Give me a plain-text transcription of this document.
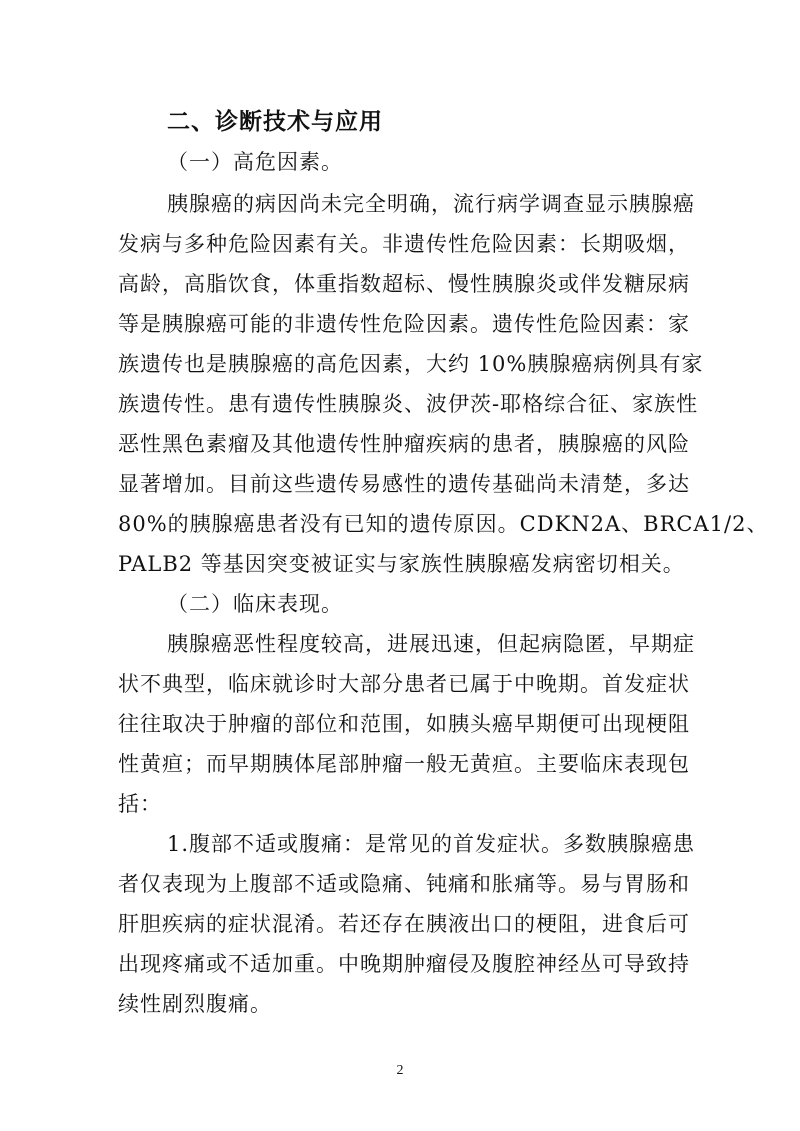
二、诊断技术与应用
（一）高危因素。
胰腺癌的病因尚未完全明确，流行病学调查显示胰腺癌
发病与多种危险因素有关。非遗传性危险因素：长期吸烟，
高龄，高脂饮食，体重指数超标、慢性胰腺炎或伴发糖尿病
等是胰腺癌可能的非遗传性危险因素。遗传性危险因素：家
族遗传也是胰腺癌的高危因素，大约 10%胰腺癌病例具有家
族遗传性。患有遗传性胰腺炎、波伊茨-耶格综合征、家族性
恶性黑色素瘤及其他遗传性肿瘤疾病的患者，胰腺癌的风险
显著增加。目前这些遗传易感性的遗传基础尚未清楚，多达
80%的胰腺癌患者没有已知的遗传原因。CDKN2A、BRCA1/2、
PALB2 等基因突变被证实与家族性胰腺癌发病密切相关。
（二）临床表现。
胰腺癌恶性程度较高，进展迅速，但起病隐匿，早期症
状不典型，临床就诊时大部分患者已属于中晚期。首发症状
往往取决于肿瘤的部位和范围，如胰头癌早期便可出现梗阻
性黄疸；而早期胰体尾部肿瘤一般无黄疸。主要临床表现包
括：
1.腹部不适或腹痛：是常见的首发症状。多数胰腺癌患
者仅表现为上腹部不适或隐痛、钝痛和胀痛等。易与胃肠和
肝胆疾病的症状混淆。若还存在胰液出口的梗阻，进食后可
出现疼痛或不适加重。中晚期肿瘤侵及腹腔神经丛可导致持
续性剧烈腹痛。
2
